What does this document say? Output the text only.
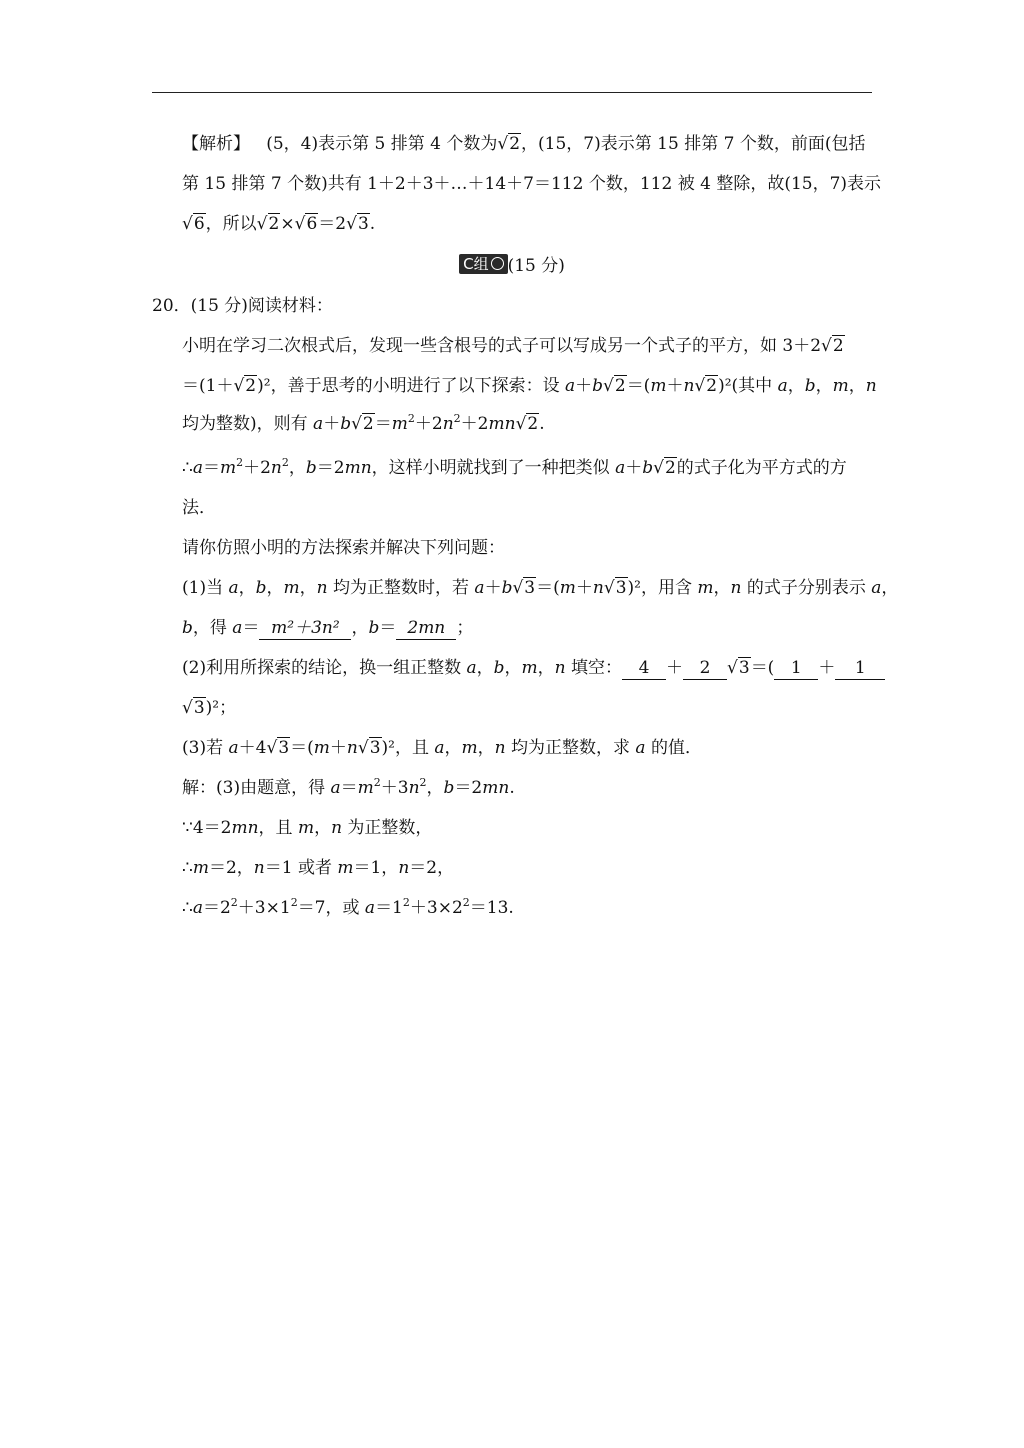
【解析】 (5，4)表示第 5 排第 4 个数为√2，(15，7)表示第 15 排第 7 个数，前面(包括
第 15 排第 7 个数)共有 1＋2＋3＋…＋14＋7＝112 个数，112 被 4 整除，故(15，7)表示
√6，所以√2×√6＝2√3.
C组 (15 分)
20．(15 分)阅读材料：
小明在学习二次根式后，发现一些含根号的式子可以写成另一个式子的平方，如 3＋2√2
＝(1＋√2)²，善于思考的小明进行了以下探索：设 a＋b√2＝(m＋n√2)²(其中 a，b，m，n
均为整数)，则有 $a+b√2=m^2+2n^2+2mn√2$.
$\therefore a=m^2+2n^2$，b＝2mn，这样小明就找到了一种把类似 a＋b√2的式子化为平方式的方
法．
请你仿照小明的方法探索并解决下列问题：
(1)当 a，b，m，n 均为正整数时，若 a＋b√3＝(m＋n√3)²，用含 m，n 的式子分别表示 a，
b，得 a＝ m²＋3n² ，b＝ 2mn ；
(2)利用所探索的结论，换一组正整数 a，b，m，n 填空： 4 ＋ 2 √3＝( 1 ＋ 1
√3)²；
(3)若 a＋4√3＝(m＋n√3)²，且 a，m，n 均为正整数，求 a 的值．
解：(3)由题意，得 $a=m^2+3n^2$，b＝2mn.
∵4＝2mn，且 m，n 为正整数，
∴m＝2，n＝1 或者 m＝1，n＝2，
$\therefore a=2^2+3\times 1^2=7$，或 $a=1^2+3\times 2^2=13$.
